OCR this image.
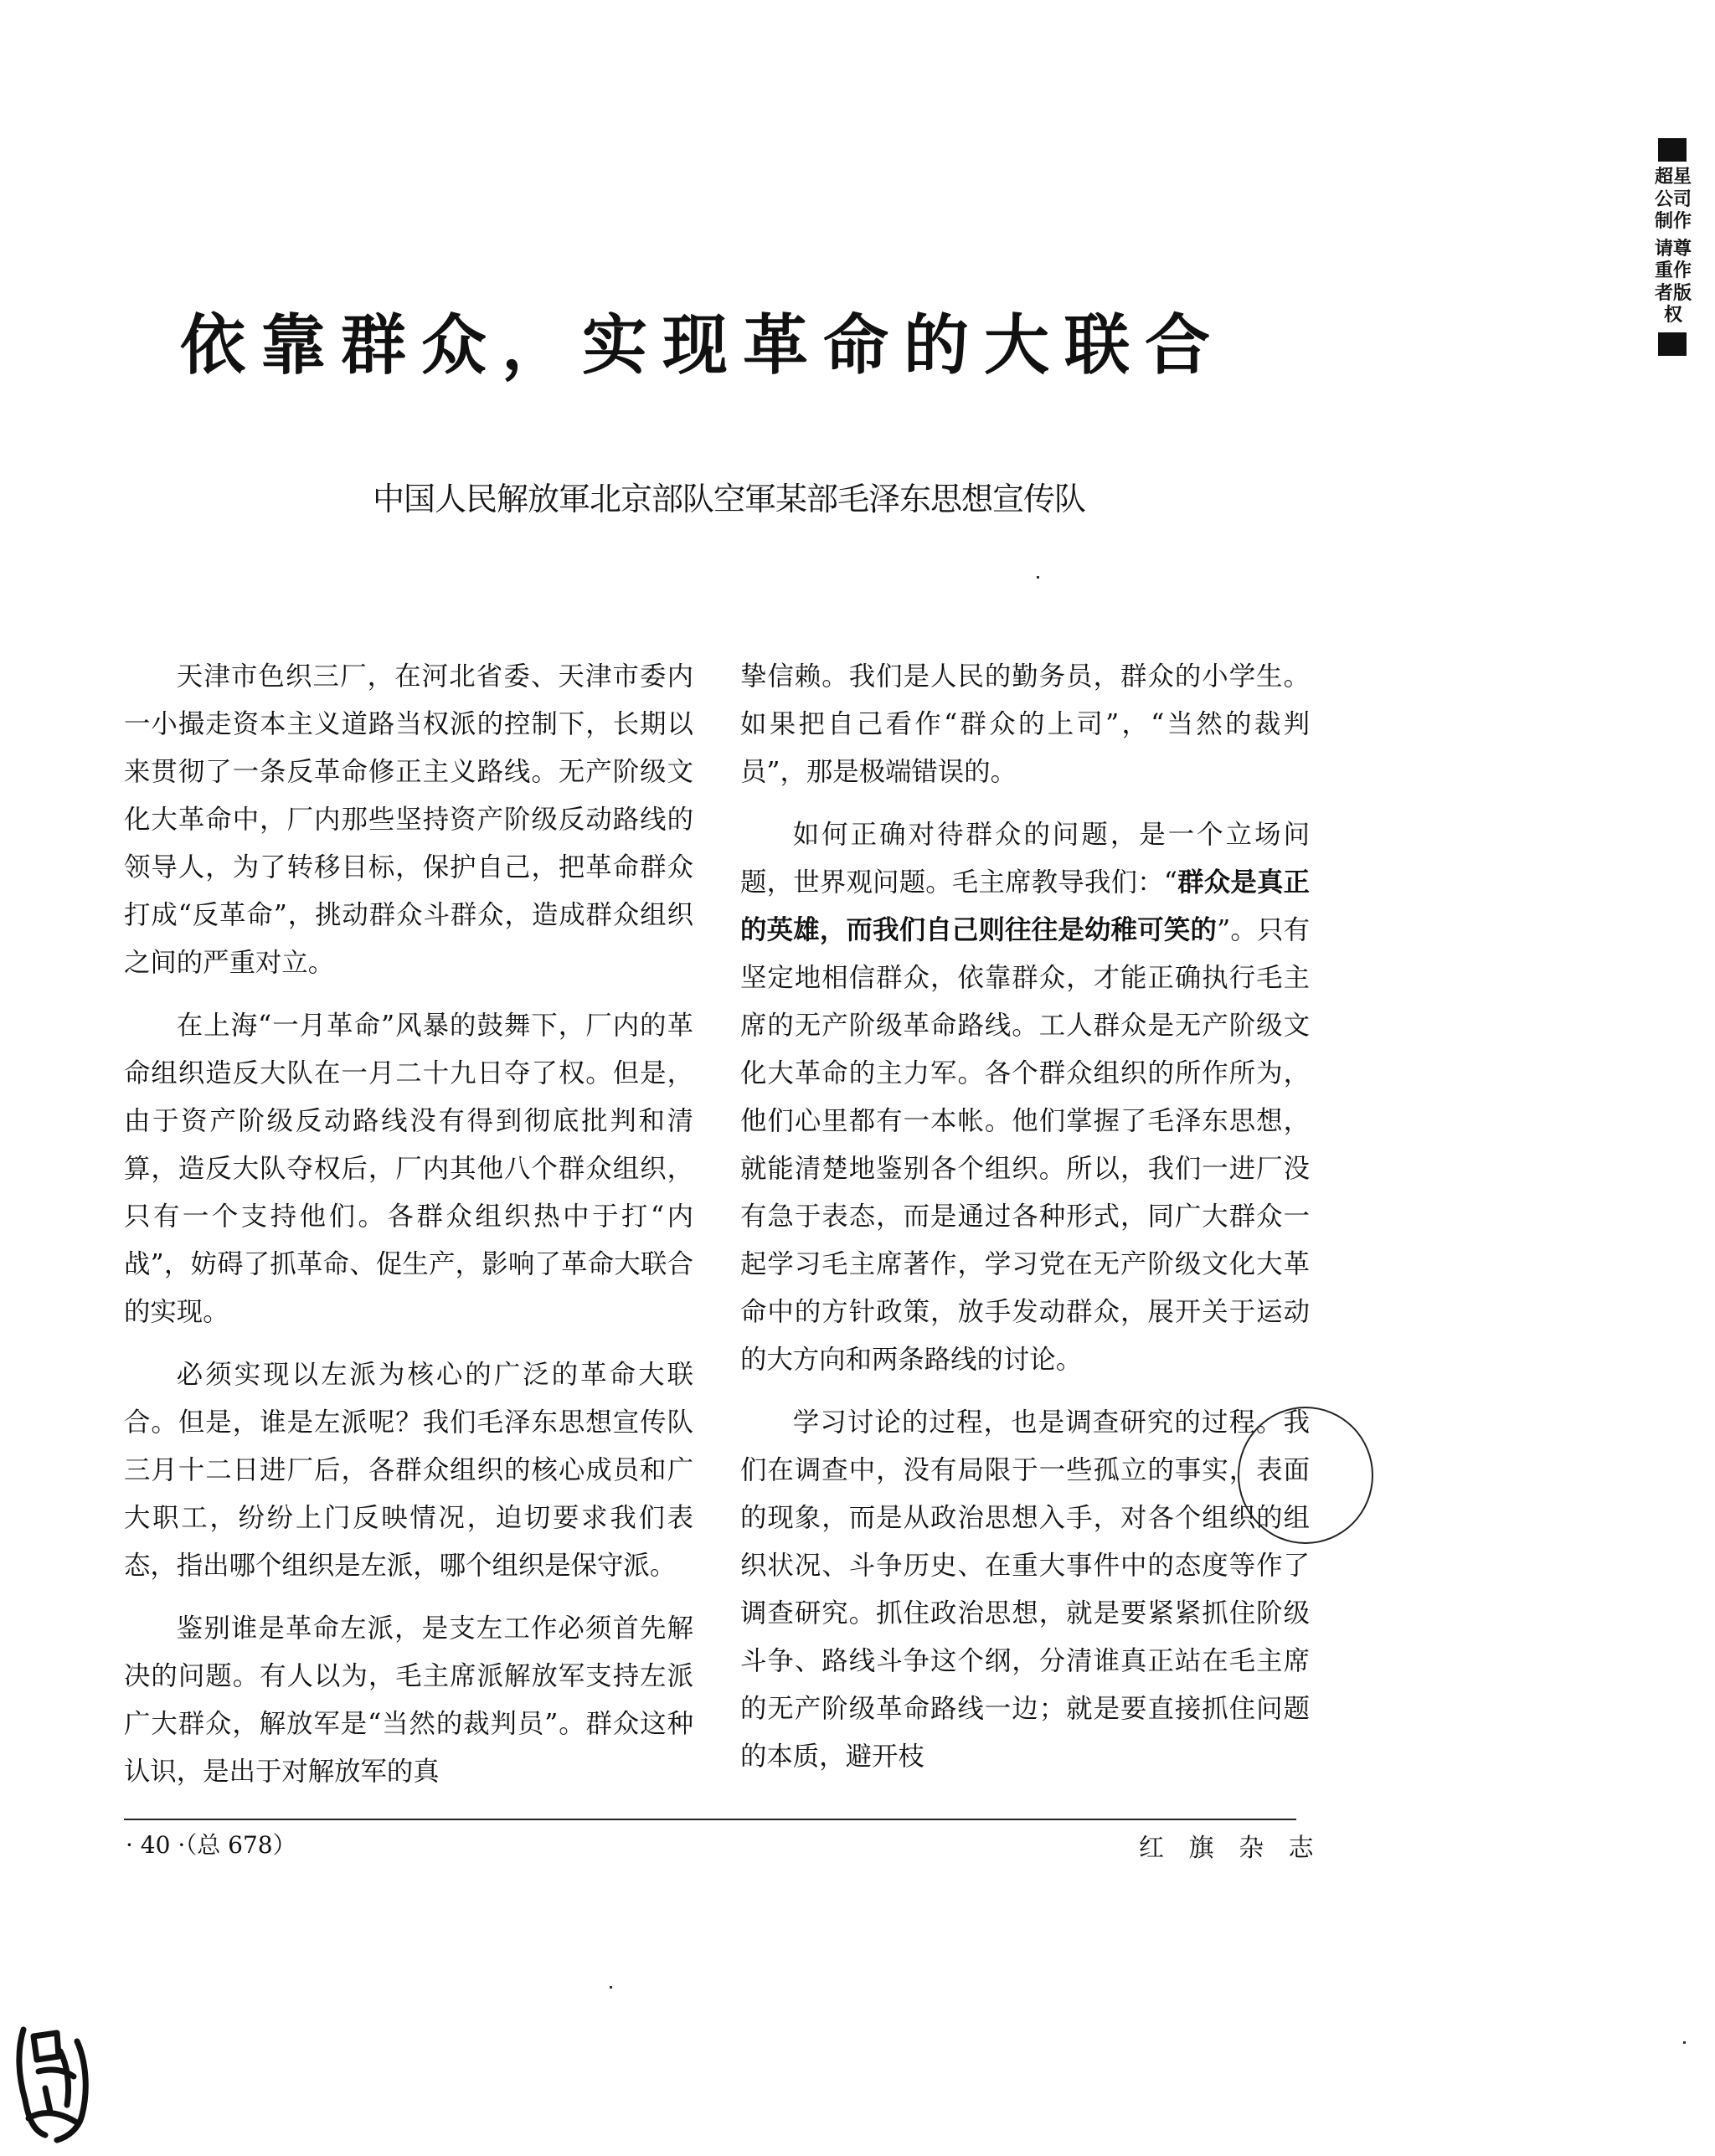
依靠群众，实现革命的大联合
中国人民解放軍北京部队空軍某部毛泽东思想宣传队

天津市色织三厂，在河北省委、天津市委内一小撮走资本主义道路当权派的控制下，长期以来贯彻了一条反革命修正主义路线。无产阶级文化大革命中，厂内那些坚持资产阶级反动路线的领导人，为了转移目标，保护自己，把革命群众打成“反革命”，挑动群众斗群众，造成群众组织之间的严重对立。

在上海“一月革命”风暴的鼓舞下，厂内的革命组织造反大队在一月二十九日夺了权。但是，由于资产阶级反动路线没有得到彻底批判和清算，造反大队夺权后，厂内其他八个群众组织，只有一个支持他们。各群众组织热中于打“内战”，妨碍了抓革命、促生产，影响了革命大联合的实现。

必须实现以左派为核心的广泛的革命大联合。但是，谁是左派呢？我们毛泽东思想宣传队三月十二日进厂后，各群众组织的核心成员和广大职工，纷纷上门反映情况，迫切要求我们表态，指出哪个组织是左派，哪个组织是保守派。

鉴别谁是革命左派，是支左工作必须首先解决的问题。有人以为，毛主席派解放军支持左派广大群众，解放军是“当然的裁判员”。群众这种认识，是出于对解放军的真

挚信赖。我们是人民的勤务员，群众的小学生。如果把自己看作“群众的上司”，“当然的裁判员”，那是极端错误的。

如何正确对待群众的问题，是一个立场问题，世界观问题。毛主席教导我们：“群众是真正的英雄，而我们自己则往往是幼稚可笑的”。只有坚定地相信群众，依靠群众，才能正确执行毛主席的无产阶级革命路线。工人群众是无产阶级文化大革命的主力军。各个群众组织的所作所为，他们心里都有一本帐。他们掌握了毛泽东思想，就能清楚地鉴别各个组织。所以，我们一进厂没有急于表态，而是通过各种形式，同广大群众一起学习毛主席著作，学习党在无产阶级文化大革命中的方针政策，放手发动群众，展开关于运动的大方向和两条路线的讨论。

学习讨论的过程，也是调查研究的过程。我们在调查中，没有局限于一些孤立的事实，表面的现象，而是从政治思想入手，对各个组织的组织状况、斗争历史、在重大事件中的态度等作了调查研究。抓住政治思想，就是要紧紧抓住阶级斗争、路线斗争这个纲，分清谁真正站在毛主席的无产阶级革命路线一边；就是要直接抓住问题的本质，避开枝

· 40 ·（总 678）	红 旗 杂 志
超星公司制作
请尊重作者版权
